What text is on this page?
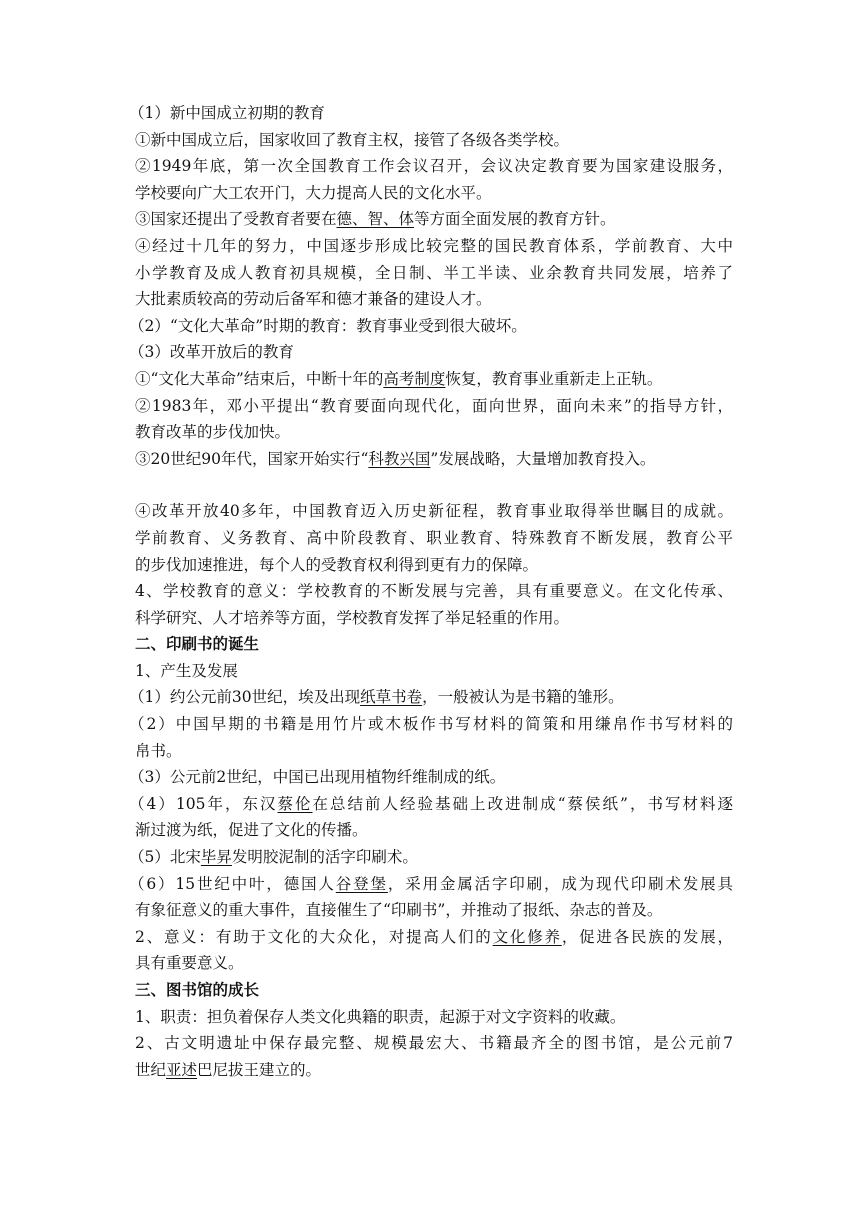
（1）新中国成立初期的教育
①新中国成立后，国家收回了教育主权，接管了各级各类学校。
②1949年底，第一次全国教育工作会议召开，会议决定教育要为国家建设服务，
学校要向广大工农开门，大力提高人民的文化水平。
③国家还提出了受教育者要在德、智、体等方面全面发展的教育方针。
④经过十几年的努力，中国逐步形成比较完整的国民教育体系，学前教育、大中
小学教育及成人教育初具规模，全日制、半工半读、业余教育共同发展，培养了
大批素质较高的劳动后备军和德才兼备的建设人才。
（2）“文化大革命”时期的教育：教育事业受到很大破坏。
（3）改革开放后的教育
①“文化大革命”结束后，中断十年的高考制度恢复，教育事业重新走上正轨。
②1983年，邓小平提出“教育要面向现代化，面向世界，面向未来”的指导方针，
教育改革的步伐加快。
③20世纪90年代，国家开始实行“科教兴国”发展战略，大量增加教育投入。
④改革开放40多年，中国教育迈入历史新征程，教育事业取得举世瞩目的成就。
学前教育、义务教育、高中阶段教育、职业教育、特殊教育不断发展，教育公平
的步伐加速推进，每个人的受教育权利得到更有力的保障。
4、学校教育的意义：学校教育的不断发展与完善，具有重要意义。在文化传承、
科学研究、人才培养等方面，学校教育发挥了举足轻重的作用。
二、印刷书的诞生
1、产生及发展
（1）约公元前30世纪，埃及出现纸草书卷，一般被认为是书籍的雏形。
（2）中国早期的书籍是用竹片或木板作书写材料的简策和用缣帛作书写材料的
帛书。
（3）公元前2世纪，中国已出现用植物纤维制成的纸。
（4）105年，东汉蔡伦在总结前人经验基础上改进制成“蔡侯纸”，书写材料逐
渐过渡为纸，促进了文化的传播。
（5）北宋毕昇发明胶泥制的活字印刷术。
（6）15世纪中叶，德国人谷登堡，采用金属活字印刷，成为现代印刷术发展具
有象征意义的重大事件，直接催生了“印刷书”，并推动了报纸、杂志的普及。
2、意义：有助于文化的大众化，对提高人们的文化修养，促进各民族的发展，
具有重要意义。
三、图书馆的成长
1、职责：担负着保存人类文化典籍的职责，起源于对文字资料的收藏。
2、古文明遗址中保存最完整、规模最宏大、书籍最齐全的图书馆，是公元前7
世纪亚述巴尼拔王建立的。
